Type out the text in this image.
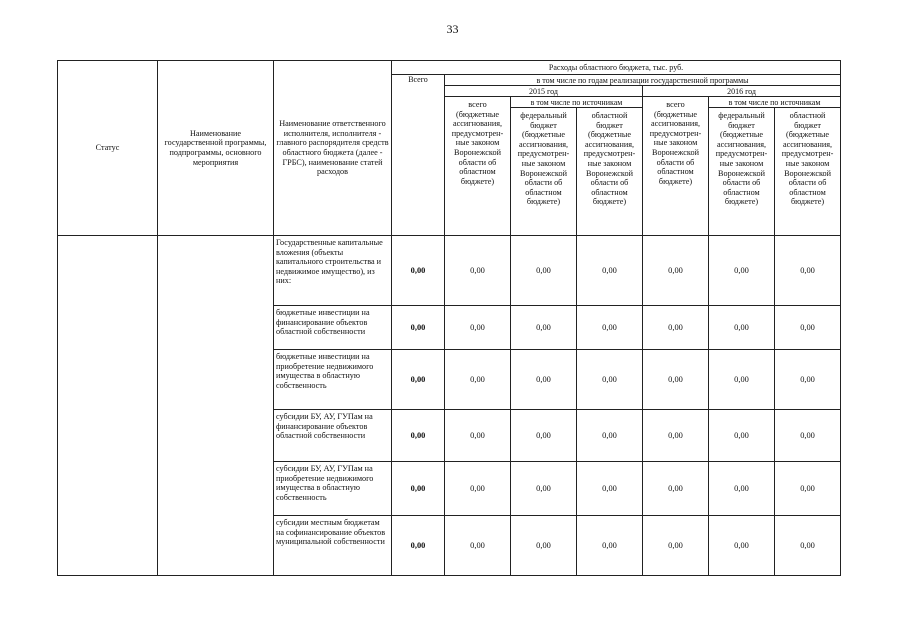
33
Статус	Наименование государственной программы, подпрограммы, основного мероприятия	Наименование ответственного исполнителя, исполнителя - главного распорядителя средств областного бюджета (далее - ГРБС), наименование статей расходов	Расходы областного бюджета, тыс. руб.						
			Всего	в том числе по годам реализации государственной программы					
				2015 год			2016 год		
				всего (бюджетные ассигнования, предусмотрен- ные законом Воронежской области об областном бюджете)	в том числе по источникам		всего (бюджетные ассигнования, предусмотрен- ные законом Воронежской области об областном бюджете)	в том числе по источникам	
					федеральный бюджет (бюджетные ассигнования, предусмотрен- ные законом Воронежской области об областном бюджете)	областной бюджет (бюджетные ассигнования, предусмотрен- ные законом Воронежской области об областном бюджете)		федеральный бюджет (бюджетные ассигнования, предусмотрен- ные законом Воронежской области об областном бюджете)	областной бюджет (бюджетные ассигнования, предусмотрен- ные законом Воронежской области об областном бюджете)
		Государственные капитальные вложения (объекты капитального строительства и недвижимое имущество), из них:	0,00	0,00	0,00	0,00	0,00	0,00	0,00
		бюджетные инвестиции на финансирование объектов областной собственности	0,00	0,00	0,00	0,00	0,00	0,00	0,00
		бюджетные инвестиции на приобретение недвижимого имущества в областную собственность	0,00	0,00	0,00	0,00	0,00	0,00	0,00
		субсидии БУ, АУ, ГУПам на финансирование объектов областной собственности	0,00	0,00	0,00	0,00	0,00	0,00	0,00
		субсидии БУ, АУ, ГУПам на приобретение недвижимого имущества в областную собственность	0,00	0,00	0,00	0,00	0,00	0,00	0,00
		субсидии местным бюджетам на софинансирование объектов муниципальной собственности	0,00	0,00	0,00	0,00	0,00	0,00	0,00
